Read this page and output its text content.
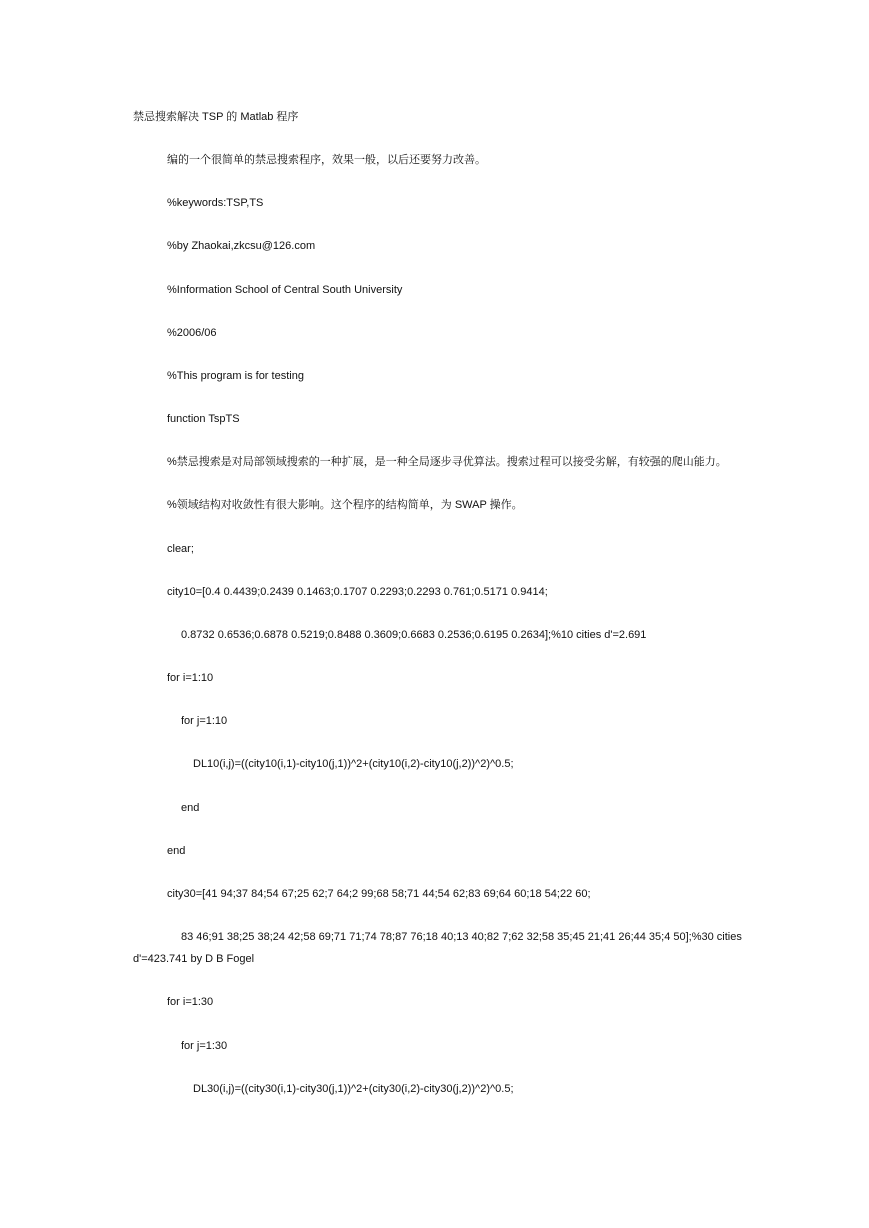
禁忌搜索解决 TSP 的 Matlab 程序
编的一个很简单的禁忌搜索程序，效果一般，以后还要努力改善。
%keywords:TSP,TS
%by Zhaokai,zkcsu@126.com
%Information School of Central South University
%2006/06
%This program is for testing
function TspTS
%禁忌搜索是对局部领域搜索的一种扩展，是一种全局逐步寻优算法。搜索过程可以接受劣解，有较强的爬山能力。
%领域结构对收敛性有很大影响。这个程序的结构简单，为 SWAP 操作。
clear;
city10=[0.4 0.4439;0.2439 0.1463;0.1707 0.2293;0.2293 0.761;0.5171 0.9414;
0.8732 0.6536;0.6878 0.5219;0.8488 0.3609;0.6683 0.2536;0.6195 0.2634];%10 cities d'=2.691
for i=1:10
for j=1:10
DL10(i,j)=((city10(i,1)-city10(j,1))^2+(city10(i,2)-city10(j,2))^2)^0.5;
end
end
city30=[41 94;37 84;54 67;25 62;7 64;2 99;68 58;71 44;54 62;83 69;64 60;18 54;22 60;
83 46;91 38;25 38;24 42;58 69;71 71;74 78;87 76;18 40;13 40;82 7;62 32;58 35;45 21;41 26;44 35;4 50];%30 cities d'=423.741 by D B Fogel
for i=1:30
for j=1:30
DL30(i,j)=((city30(i,1)-city30(j,1))^2+(city30(i,2)-city30(j,2))^2)^0.5;
